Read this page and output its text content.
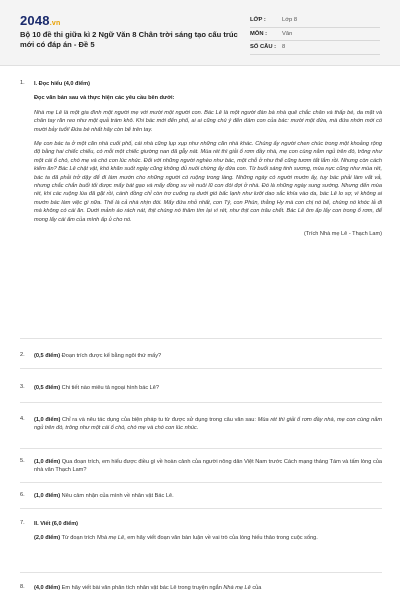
2048.vn
Bộ 10 đề thi giữa kì 2 Ngữ Văn 8 Chân trời sáng tạo cấu trúc mới có đáp án - Đề 5
LỚP :	Lớp 8
MÔN :	Văn
SỐ CÂU :	8
1. I. Đọc hiểu (4,0 điểm)
Đọc văn bản sau và thực hiện các yêu cầu bên dưới:
Nhà mẹ Lê là một gia đình một người mẹ với mười một người con. Bác Lê là một người đàn bà nhà quê chắc chân và thấp bé, da mặt và chân tay răn reo như một quả trám khô. Khi bác mới đến phố, ai ai cũng chú ý đến đám con của bác: mười một đứa, mà đứa nhớn mới có mười bảy tuổi! Đứa bé nhất hãy còn bế trên tay.
Mẹ con bác ta ở một căn nhà cuối phố, cái nhà cũng lụp xụp như những căn nhà khác. Chúng ấy người chen chúc trong một khoảng rộng độ bằng hai chiếc chiếu, có mỗi một chiếc giường nan đã gẫy nát. Mùa rét thì giải ổ rơm đầy nhà, mẹ con cùng nằm ngủ trên đó, trông như một cái ổ chó, chó mẹ và chó con lúc nhúc. Đối với những người nghèo như bác, một chỗ ở như thế cũng tươm tất lắm rồi. Nhưng còn cách kiếm ăn? Bác Lê chật vật, khó khăn suốt ngày cũng không đủ nuôi chừng ấy đứa con. Từ buổi sáng tinh sương, mùa nực cũng như mùa rét, bác ta đã phải trở dậy để đi làm mướn cho những người có ruộng trong làng. Những ngày có người mướn ấy, tuy bác phải làm vất vả, nhưng chắc chắn buổi tối được mấy bát gạo và mấy đồng xu về nuôi lũ con đói đợi ở nhà. Đó là những ngày sung sướng. Nhưng đến mùa rét, khi các ruộng lúa đã gặt rồi, cánh đồng chỉ còn trơ cuống rạ dưới gió bấc lạnh như lưỡi dao sắc khía vào da, bác Lê lo sợ, vì không ai mướn bác làm việc gì nữa. Thế là cả nhà nhịn đói. Mấy đứa nhỏ nhất, con Tý, con Phún, thằng Hy mà con chị nó bế, chúng nó khóc lả đi mà không có cái ăn. Dưới mảnh áo rách nát, thịt chúng nó thâm tím lại vì rét, như thịt con trâu chết. Bác Lê ôm ấp lấy con trong ổ rơm, để mong lấy cái ấm của mình ấp ủ cho nó.
(Trích Nhà mẹ Lê - Thạch Lam)
2. (0,5 điểm) Đoạn trích được kể bằng ngôi thứ mấy?
3. (0,5 điểm) Chi tiết nào miêu tả ngoại hình bác Lê?
4. (1,0 điểm) Chỉ ra và nêu tác dụng của biện pháp tu từ được sử dụng trong câu văn sau: Mùa rét thì giải ổ rơm đầy nhà, mẹ con cùng nằm ngủ trên đó, trông như một cái ổ chó, chó mẹ và chó con lúc nhúc.
5. (1,0 điểm) Qua đoạn trích, em hiểu được điều gì về hoàn cảnh của người nông dân Việt Nam trước Cách mạng tháng Tám và tấm lòng của nhà văn Thạch Lam?
6. (1,0 điểm) Nêu cảm nhận của mình về nhân vật Bác Lê.
7. II. Viết (6,0 điểm)
(2,0 điểm) Từ đoạn trích Nhà mẹ Lê, em hãy viết đoạn văn bàn luận về vai trò của lòng hiếu thảo trong cuộc sống.
8. (4,0 điểm) Em hãy viết bài văn phân tích nhân vật bác Lê trong truyện ngắn Nhà mẹ Lê của
